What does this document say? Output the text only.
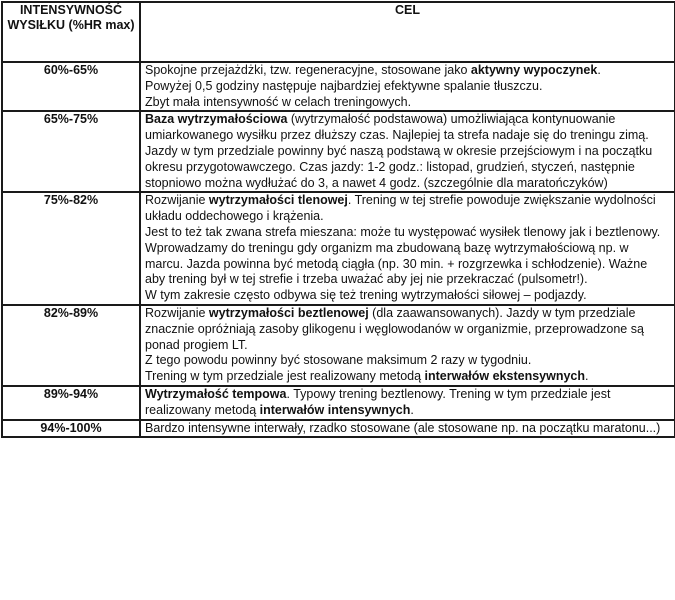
INTENSYWNOŚĆ
WYSIŁKU (%HR max)	CEL
60%-65%	Spokojne przejażdżki, tzw. regeneracyjne, stosowane jako aktywny wypoczynek.
Powyżej 0,5 godziny następuje najbardziej efektywne spalanie tłuszczu.
Zbyt mała intensywność w celach treningowych.

65%-75%	Baza wytrzymałościowa (wytrzymałość podstawowa) umożliwiająca kontynuowanie umiarkowanego wysiłku przez dłuższy czas. Najlepiej ta strefa nadaje się do treningu zimą.
Jazdy w tym przedziale powinny być naszą podstawą w okresie przejściowym i na początku okresu przygotowawczego. Czas jazdy: 1-2 godz.: listopad, grudzień, styczeń, następnie stopniowo można wydłużać do 3, a nawet 4 godz. (szczególnie dla maratończyków)

75%-82%	Rozwijanie wytrzymałości tlenowej. Trening w tej strefie powoduje zwiększanie wydolności układu oddechowego i krążenia.
Jest to też tak zwana strefa mieszana: może tu występować wysiłek tlenowy jak i beztlenowy.
Wprowadzamy do treningu gdy organizm ma zbudowaną bazę wytrzymałościową np. w marcu. Jazda powinna być metodą ciągła (np. 30 min. + rozgrzewka i schłodzenie). Ważne aby trening był w tej strefie i trzeba uważać aby jej nie przekraczać (pulsometr!).
W tym zakresie często odbywa się też trening wytrzymałości siłowej – podjazdy.

82%-89%	Rozwijanie wytrzymałości beztlenowej (dla zaawansowanych). Jazdy w tym przedziale znacznie opróżniają zasoby glikogenu i węglowodanów w organizmie, przeprowadzone są ponad progiem LT.
Z tego powodu powinny być stosowane maksimum 2 razy w tygodniu.
Trening w tym przedziale jest realizowany metodą interwałów ekstensywnych.

89%-94%	Wytrzymałość tempowa. Typowy trening beztlenowy. Trening w tym przedziale jest realizowany metodą interwałów intensywnych.

94%-100%	Bardzo intensywne interwały, rzadko stosowane (ale stosowane np. na początku maratonu...)
